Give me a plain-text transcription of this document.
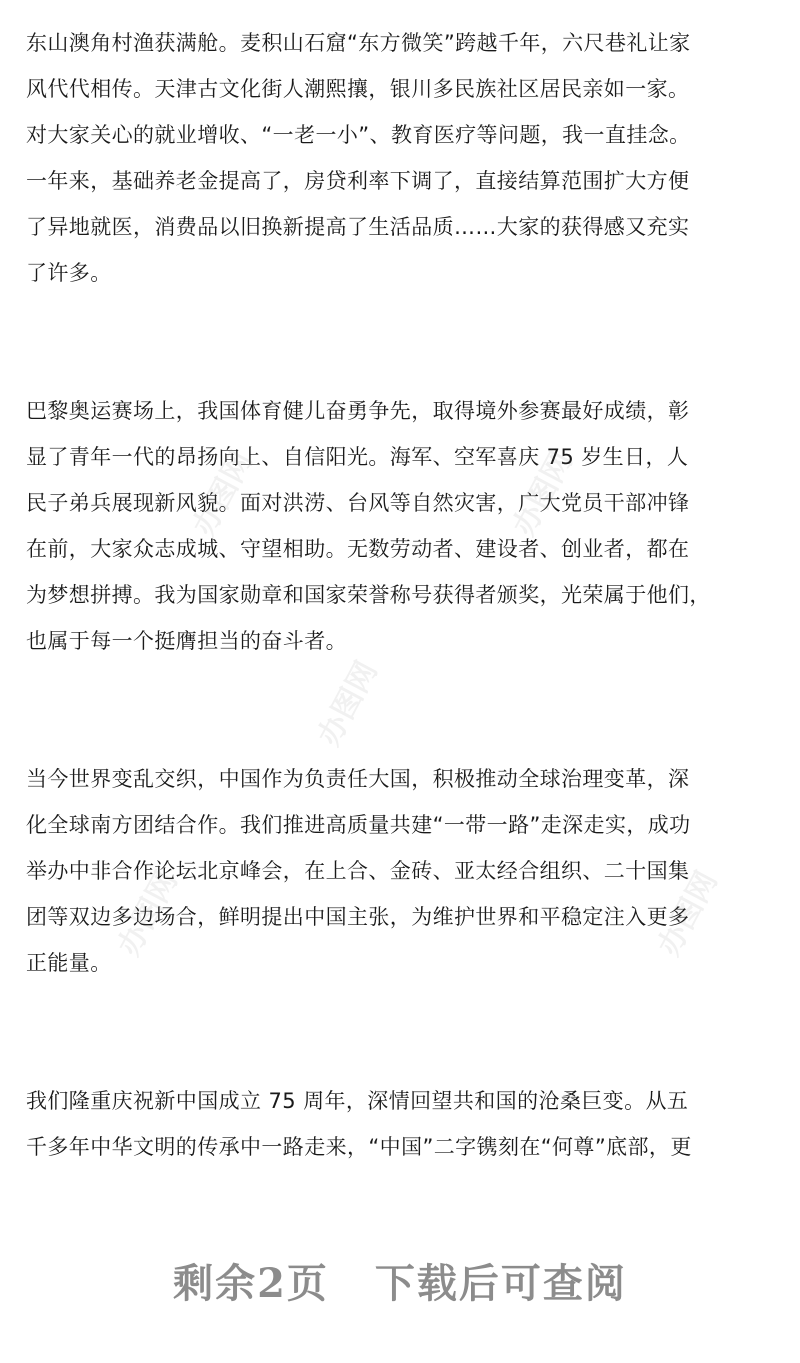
东山澳角村渔获满舱。麦积山石窟“东方微笑”跨越千年，六尺巷礼让家
风代代相传。天津古文化街人潮熙攘，银川多民族社区居民亲如一家。
对大家关心的就业增收、“一老一小”、教育医疗等问题，我一直挂念。
一年来，基础养老金提高了，房贷利率下调了，直接结算范围扩大方便
了异地就医，消费品以旧换新提高了生活品质……大家的获得感又充实
了许多。

巴黎奥运赛场上，我国体育健儿奋勇争先，取得境外参赛最好成绩，彰
显了青年一代的昂扬向上、自信阳光。海军、空军喜庆 75 岁生日，人
民子弟兵展现新风貌。面对洪涝、台风等自然灾害，广大党员干部冲锋
在前，大家众志成城、守望相助。无数劳动者、建设者、创业者，都在
为梦想拼搏。我为国家勋章和国家荣誉称号获得者颁奖，光荣属于他们，
也属于每一个挺膺担当的奋斗者。

当今世界变乱交织，中国作为负责任大国，积极推动全球治理变革，深
化全球南方团结合作。我们推进高质量共建“一带一路”走深走实，成功
举办中非合作论坛北京峰会，在上合、金砖、亚太经合组织、二十国集
团等双边多边场合，鲜明提出中国主张，为维护世界和平稳定注入更多
正能量。

我们隆重庆祝新中国成立 75 周年，深情回望共和国的沧桑巨变。从五
千多年中华文明的传承中一路走来，“中国”二字镌刻在“何尊”底部，更

办图网	办图网
办图网
办图网	办图网
剩余2页 下载后可查阅
